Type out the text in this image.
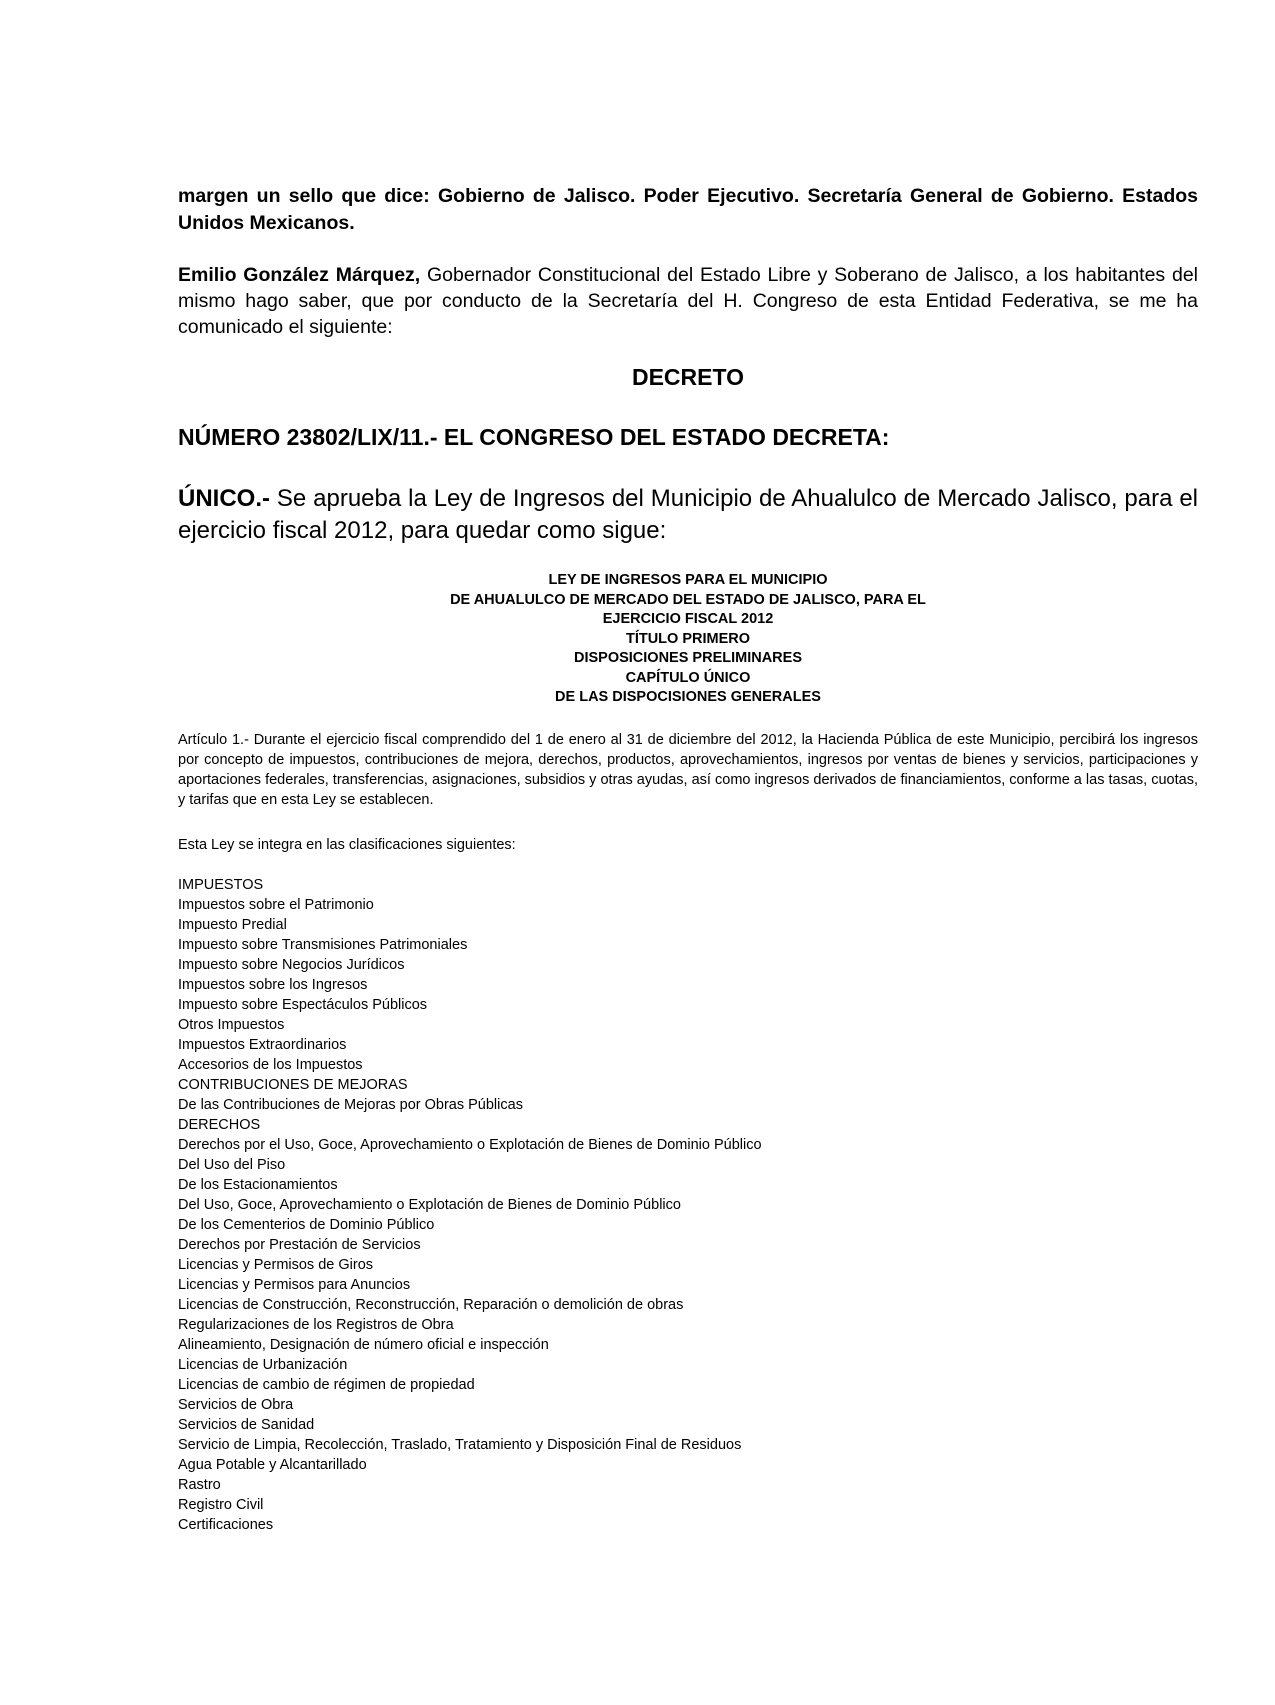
margen un sello que dice: Gobierno de Jalisco. Poder Ejecutivo. Secretaría General de Gobierno. Estados Unidos Mexicanos.

Emilio González Márquez, Gobernador Constitucional del Estado Libre y Soberano de Jalisco, a los habitantes del mismo hago saber, que por conducto de la Secretaría del H. Congreso de esta Entidad Federativa, se me ha comunicado el siguiente:

DECRETO
NÚMERO 23802/LIX/11.- EL CONGRESO DEL ESTADO DECRETA:

ÚNICO.- Se aprueba la Ley de Ingresos del Municipio de Ahualulco de Mercado Jalisco, para el ejercicio fiscal 2012, para quedar como sigue:

LEY DE INGRESOS PARA EL MUNICIPIO
DE AHUALULCO DE MERCADO DEL ESTADO DE JALISCO, PARA EL
EJERCICIO FISCAL 2012
TÍTULO PRIMERO
DISPOSICIONES PRELIMINARES
CAPÍTULO ÚNICO
DE LAS DISPOCISIONES GENERALES

Artículo 1.- Durante el ejercicio fiscal comprendido del 1 de enero al 31 de diciembre del 2012, la Hacienda Pública de este Municipio, percibirá los ingresos por concepto de impuestos, contribuciones de mejora, derechos, productos, aprovechamientos, ingresos por ventas de bienes y servicios, participaciones y aportaciones federales, transferencias, asignaciones, subsidios y otras ayudas, así como ingresos derivados de financiamientos, conforme a las tasas, cuotas, y tarifas que en esta Ley se establecen.

Esta Ley se integra en las clasificaciones siguientes:

IMPUESTOS
Impuestos sobre el Patrimonio
Impuesto Predial
Impuesto sobre Transmisiones Patrimoniales
Impuesto sobre Negocios Jurídicos
Impuestos sobre los Ingresos
Impuesto sobre Espectáculos Públicos
Otros Impuestos
Impuestos Extraordinarios
Accesorios de los Impuestos
CONTRIBUCIONES DE MEJORAS
De las Contribuciones de Mejoras por Obras Públicas
DERECHOS
Derechos por el Uso, Goce, Aprovechamiento o Explotación de Bienes de Dominio Público
Del Uso del Piso
De los Estacionamientos
Del Uso, Goce, Aprovechamiento o Explotación de Bienes de Dominio Público
De los Cementerios de Dominio Público
Derechos por Prestación de Servicios
Licencias y Permisos de Giros
Licencias y Permisos para Anuncios
Licencias de Construcción, Reconstrucción, Reparación o demolición de obras
Regularizaciones de los Registros de Obra
Alineamiento, Designación de número oficial e inspección
Licencias de Urbanización
Licencias de cambio de régimen de propiedad
Servicios de Obra
Servicios de Sanidad
Servicio de Limpia, Recolección, Traslado, Tratamiento y Disposición Final de Residuos
Agua Potable y Alcantarillado
Rastro
Registro Civil
Certificaciones
